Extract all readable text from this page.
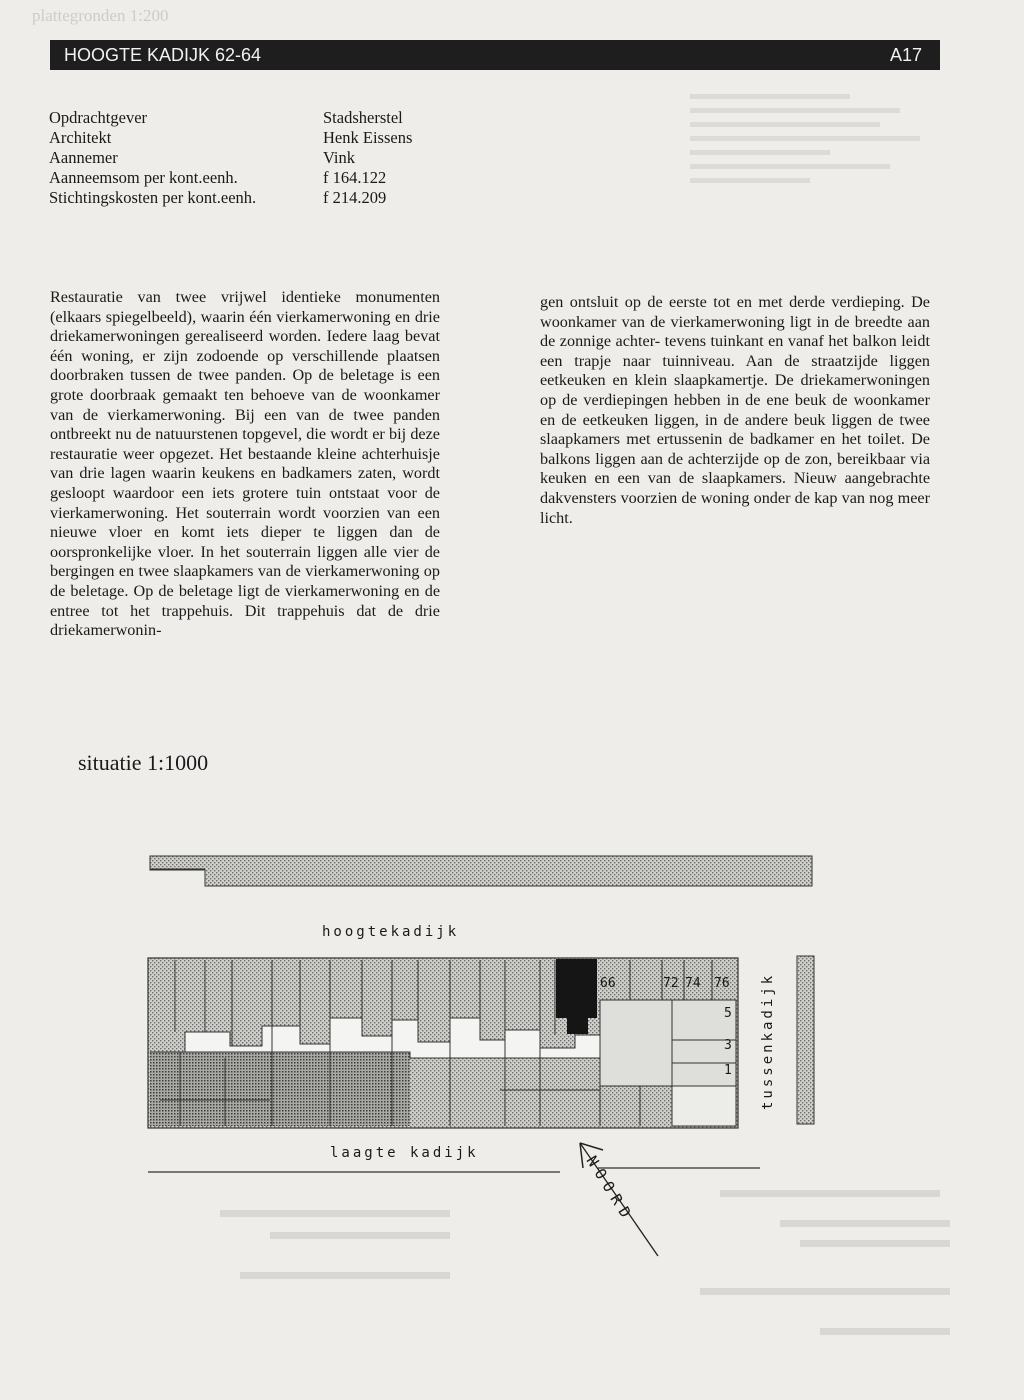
plattegronden 1:200
HOOGTE KADIJK 62-64	A17
Opdrachtgever	Stadsherstel
Architekt	Henk Eissens
Aannemer	Vink
Aanneemsom per kont.eenh.	f 164.122
Stichtingskosten per kont.eenh.	f 214.209
Restauratie van twee vrijwel identieke monumenten (elkaars spiegelbeeld), waarin één vierkamerwoning en drie driekamerwoningen gerealiseerd worden. Iedere laag bevat één woning, er zijn zodoende op verschillende plaatsen doorbraken tussen de twee panden. Op de beletage is een grote doorbraak gemaakt ten behoeve van de woonkamer van de vierkamerwoning. Bij een van de twee panden ontbreekt nu de natuurstenen topgevel, die wordt er bij deze restauratie weer opgezet. Het bestaande kleine achterhuisje van drie lagen waarin keukens en badkamers zaten, wordt gesloopt waardoor een iets grotere tuin ontstaat voor de vierkamerwoning. Het souterrain wordt voorzien van een nieuwe vloer en komt iets dieper te liggen dan de oorspronkelijke vloer. In het souterrain liggen alle vier de bergingen en twee slaapkamers van de vierkamerwoning op de beletage. Op de beletage ligt de vierkamerwoning en de entree tot het trappehuis. Dit trappehuis dat de drie driekamerwonin-
gen ontsluit op de eerste tot en met derde verdieping. De woonkamer van de vierkamerwoning ligt in de breedte aan de zonnige achter- tevens tuinkant en vanaf het balkon leidt een trapje naar tuinniveau. Aan de straatzijde liggen eetkeuken en klein slaapkamertje. De driekamerwoningen op de verdiepingen hebben in de ene beuk de woonkamer en de eetkeuken liggen, in de andere beuk liggen de twee slaapkamers met ertussenin de badkamer en het toilet. De balkons liggen aan de achterzijde op de zon, bereikbaar via keuken en een van de slaapkamers. Nieuw aangebrachte dakvensters voorzien de woning onder de kap van nog meer licht.
situatie 1:1000
hoogtekadijk
laagte kadijk
tussenkadijk
NOORD
66	72 74 76
5
3
1
